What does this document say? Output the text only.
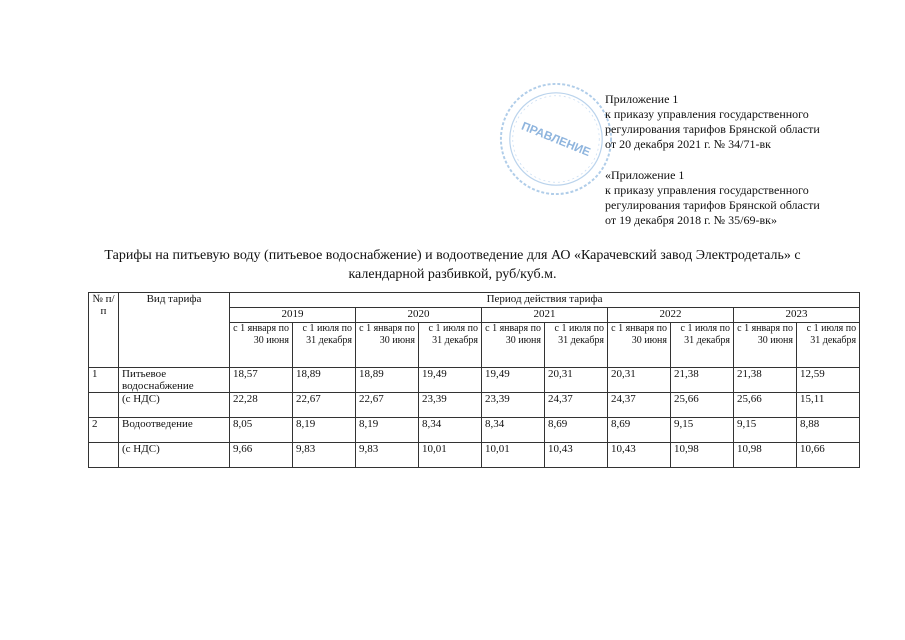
ПРАВЛЕНИЕ
Приложение 1
к приказу управления государственного
регулирования тарифов Брянской области
от 20 декабря 2021 г. № 34/71-вк
«Приложение 1
к приказу управления государственного
регулирования тарифов Брянской области
от 19 декабря 2018 г. № 35/69-вк»
Тарифы на питьевую воду (питьевое водоснабжение) и водоотведение для АО «Карачевский завод Электродеталь» с
календарной разбивкой, руб/куб.м.
№ п/п	Вид тарифа	Период действия тарифа									
		2019		2020		2021		2022		2023	
		с 1 января по 30 июня	с 1 июля по 31 декабря	с 1 января по 30 июня	с 1 июля по 31 декабря	с 1 января по 30 июня	с 1 июля по 31 декабря	с 1 января по 30 июня	с 1 июля по 31 декабря	с 1 января по 30 июня	с 1 июля по 31 декабря
1	Питьевое водоснабжение	18,57	18,89	18,89	19,49	19,49	20,31	20,31	21,38	21,38	12,59
	(с НДС)	22,28	22,67	22,67	23,39	23,39	24,37	24,37	25,66	25,66	15,11
2	Водоотведение	8,05	8,19	8,19	8,34	8,34	8,69	8,69	9,15	9,15	8,88
	(с НДС)	9,66	9,83	9,83	10,01	10,01	10,43	10,43	10,98	10,98	10,66
